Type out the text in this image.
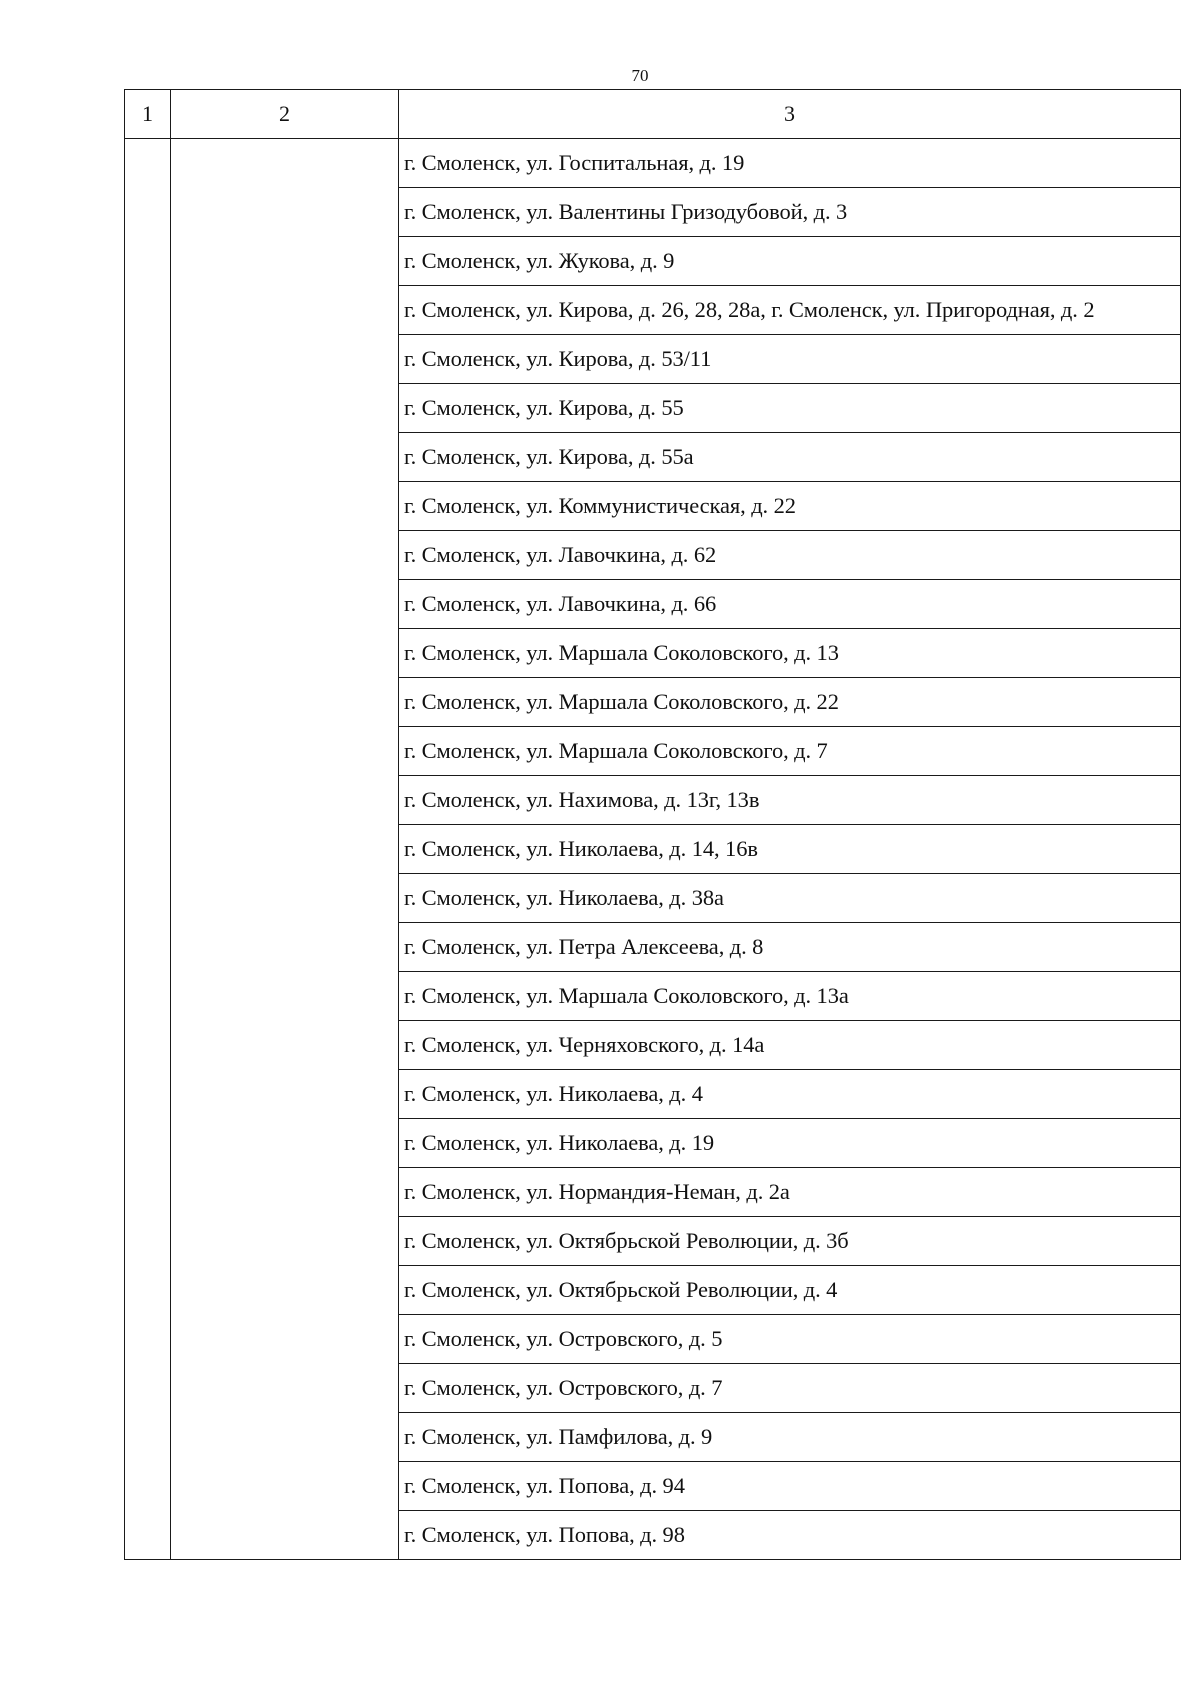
70
1	2	3
		г. Смоленск, ул. Госпитальная, д. 19
		г. Смоленск, ул. Валентины Гризодубовой, д. 3
		г. Смоленск, ул. Жукова, д. 9
		г. Смоленск, ул. Кирова, д. 26, 28, 28а, г. Смоленск, ул. Пригородная, д. 2
		г. Смоленск, ул. Кирова, д. 53/11
		г. Смоленск, ул. Кирова, д. 55
		г. Смоленск, ул. Кирова, д. 55а
		г. Смоленск, ул. Коммунистическая, д. 22
		г. Смоленск, ул. Лавочкина, д. 62
		г. Смоленск, ул. Лавочкина, д. 66
		г. Смоленск, ул. Маршала Соколовского, д. 13
		г. Смоленск, ул. Маршала Соколовского, д. 22
		г. Смоленск, ул. Маршала Соколовского, д. 7
		г. Смоленск, ул. Нахимова, д. 13г, 13в
		г. Смоленск, ул. Николаева, д. 14, 16в
		г. Смоленск, ул. Николаева, д. 38а
		г. Смоленск, ул. Петра Алексеева, д. 8
		г. Смоленск, ул. Маршала Соколовского, д. 13а
		г. Смоленск, ул. Черняховского, д. 14а
		г. Смоленск, ул. Николаева, д. 4
		г. Смоленск, ул. Николаева, д. 19
		г. Смоленск, ул. Нормандия-Неман, д. 2а
		г. Смоленск, ул. Октябрьской Революции, д. 3б
		г. Смоленск, ул. Октябрьской Революции, д. 4
		г. Смоленск, ул. Островского, д. 5
		г. Смоленск, ул. Островского, д. 7
		г. Смоленск, ул. Памфилова, д. 9
		г. Смоленск, ул. Попова, д. 94
		г. Смоленск, ул. Попова, д. 98
